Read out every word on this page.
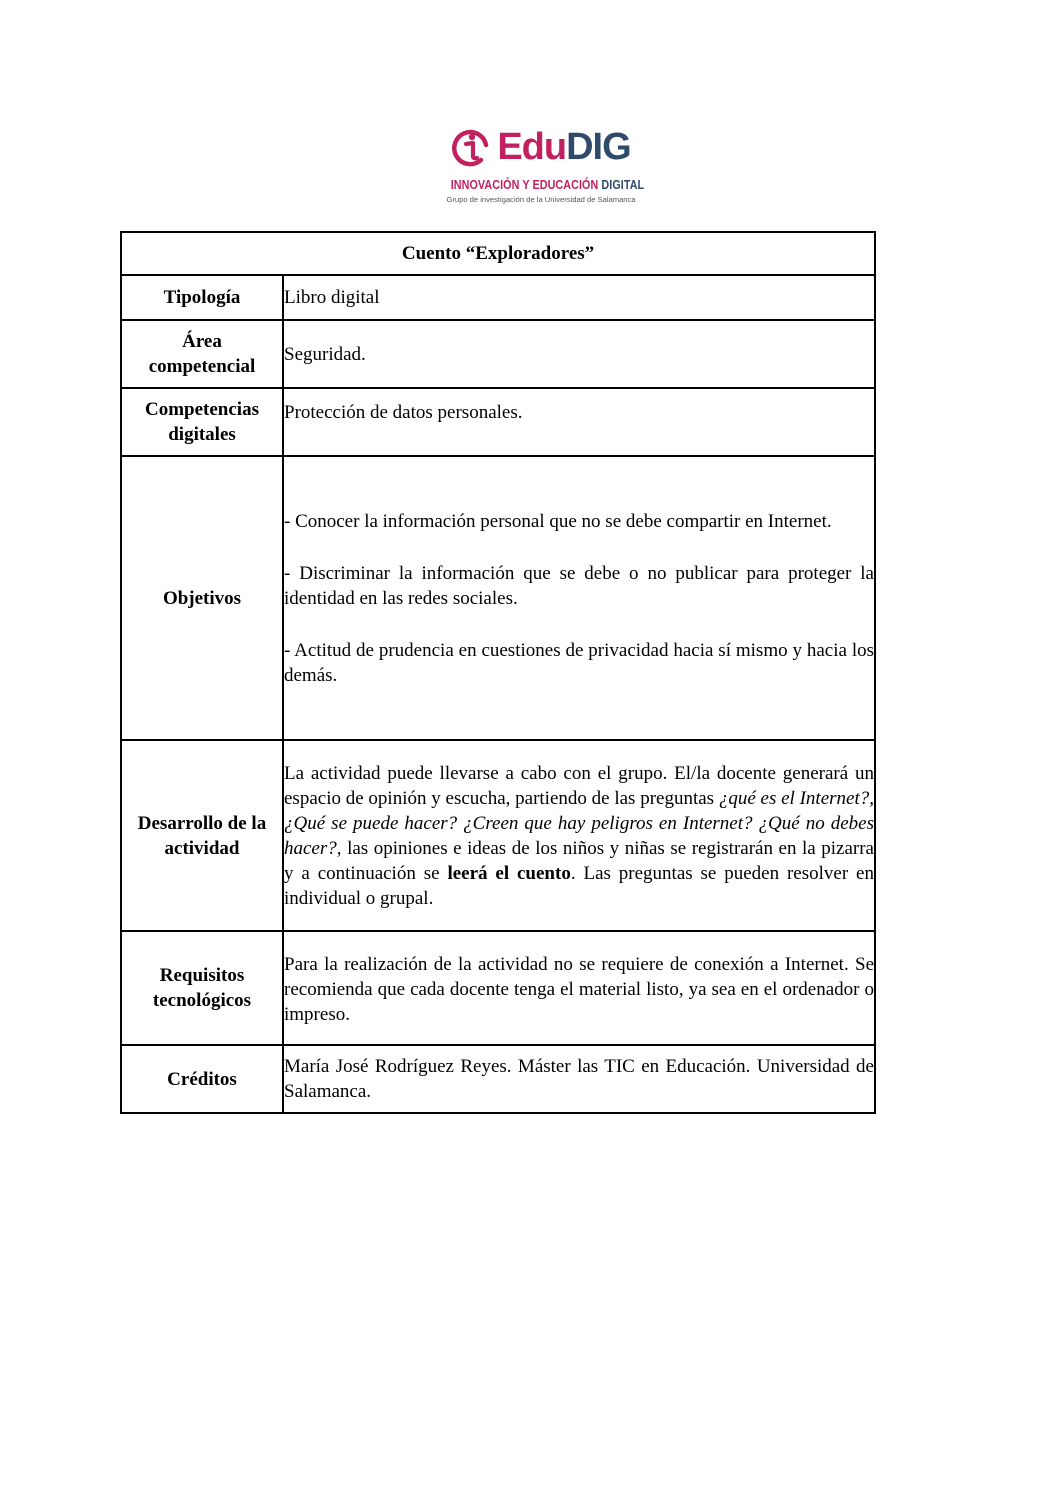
EduDIG
INNOVACIÓN Y EDUCACIÓN DIGITAL
Grupo de investigación de la Universidad de Salamanca
Cuento “Exploradores”	
Tipología	Libro digital

Área
competencial	Seguridad.

Competencias
digitales	Protección de datos personales.
Objetivos	- Conocer la información personal que no se debe compartir en Internet.

- Discriminar la información que se debe o no publicar para proteger la identidad en las redes sociales.

- Actitud de prudencia en cuestiones de privacidad hacia sí mismo y hacia los demás.

Desarrollo de la
actividad	La actividad puede llevarse a cabo con el grupo. El/la docente generará un espacio de opinión y escucha, partiendo de las preguntas ¿qué es el Internet?, ¿Qué se puede hacer? ¿Creen que hay peligros en Internet? ¿Qué no debes hacer?, las opiniones e ideas de los niños y niñas se registrarán en la pizarra y a continuación se leerá el cuento. Las preguntas se pueden resolver en individual o grupal.

Requisitos
tecnológicos	Para la realización de la actividad no se requiere de conexión a Internet. Se recomienda que cada docente tenga el material listo, ya sea en el ordenador o impreso.
Créditos	María José Rodríguez Reyes. Máster las TIC en Educación. Universidad de Salamanca.
